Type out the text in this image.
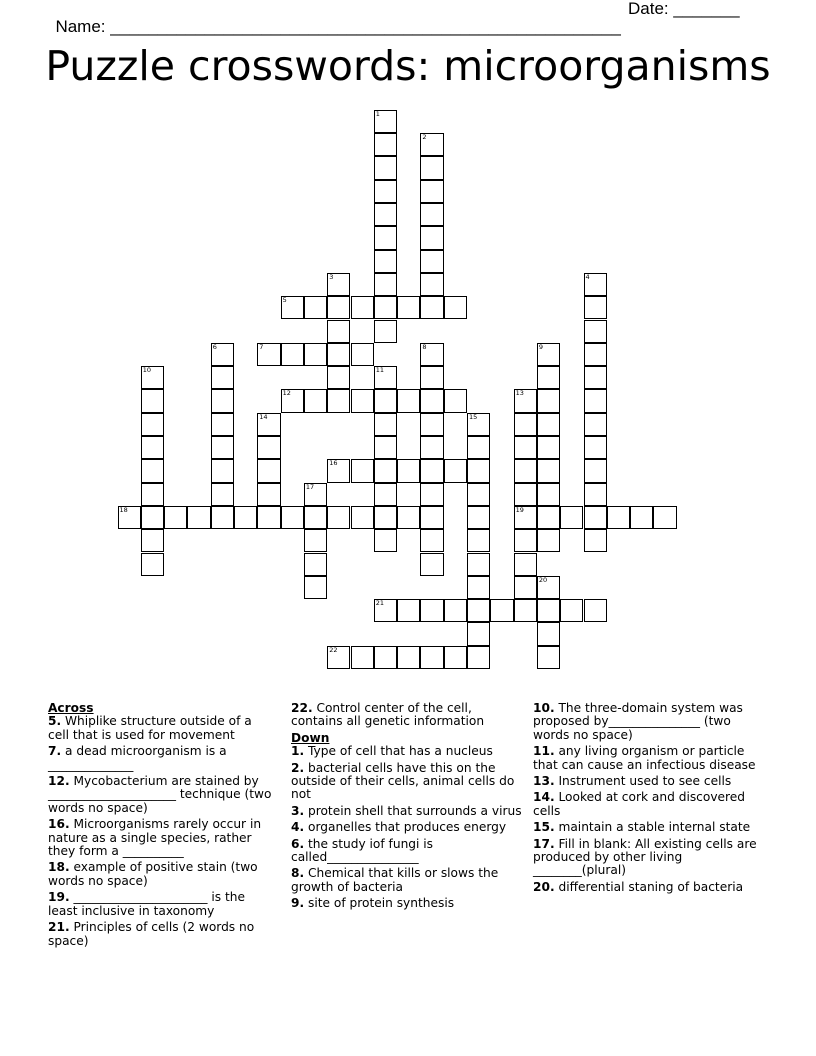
Name: ______________________________________________________

Date: _______

Puzzle crosswords: microorganisms
1
2
3	4
5
6	7	8	9
10	11
12	13
19
14	15
16
17
18
20
21
22
Across
5. Whiplike structure outside of a cell that is used for movement
7. a dead microorganism is a ______________
12. Mycobacterium are stained by _____________________ technique (two words no space)
16. Microorganisms rarely occur in nature as a single species, rather they form a __________
18. example of positive stain (two words no space)
19. ______________________ is the least inclusive in taxonomy
21. Principles of cells (2 words no space)
22. Control center of the cell, contains all genetic information
Down
1. Type of cell that has a nucleus
2. bacterial cells have this on the outside of their cells, animal cells do not
3. protein shell that surrounds a virus
4. organelles that produces energy
6. the study iof fungi is called_______________
8. Chemical that kills or slows the growth of bacteria
9. site of protein synthesis
10. The three-domain system was proposed by_______________ (two words no space)
11. any living organism or particle that can cause an infectious disease
13. Instrument used to see cells
14. Looked at cork and discovered cells
15. maintain a stable internal state
17. Fill in blank: All existing cells are produced by other living ________(plural)
20. differential staning of bacteria
